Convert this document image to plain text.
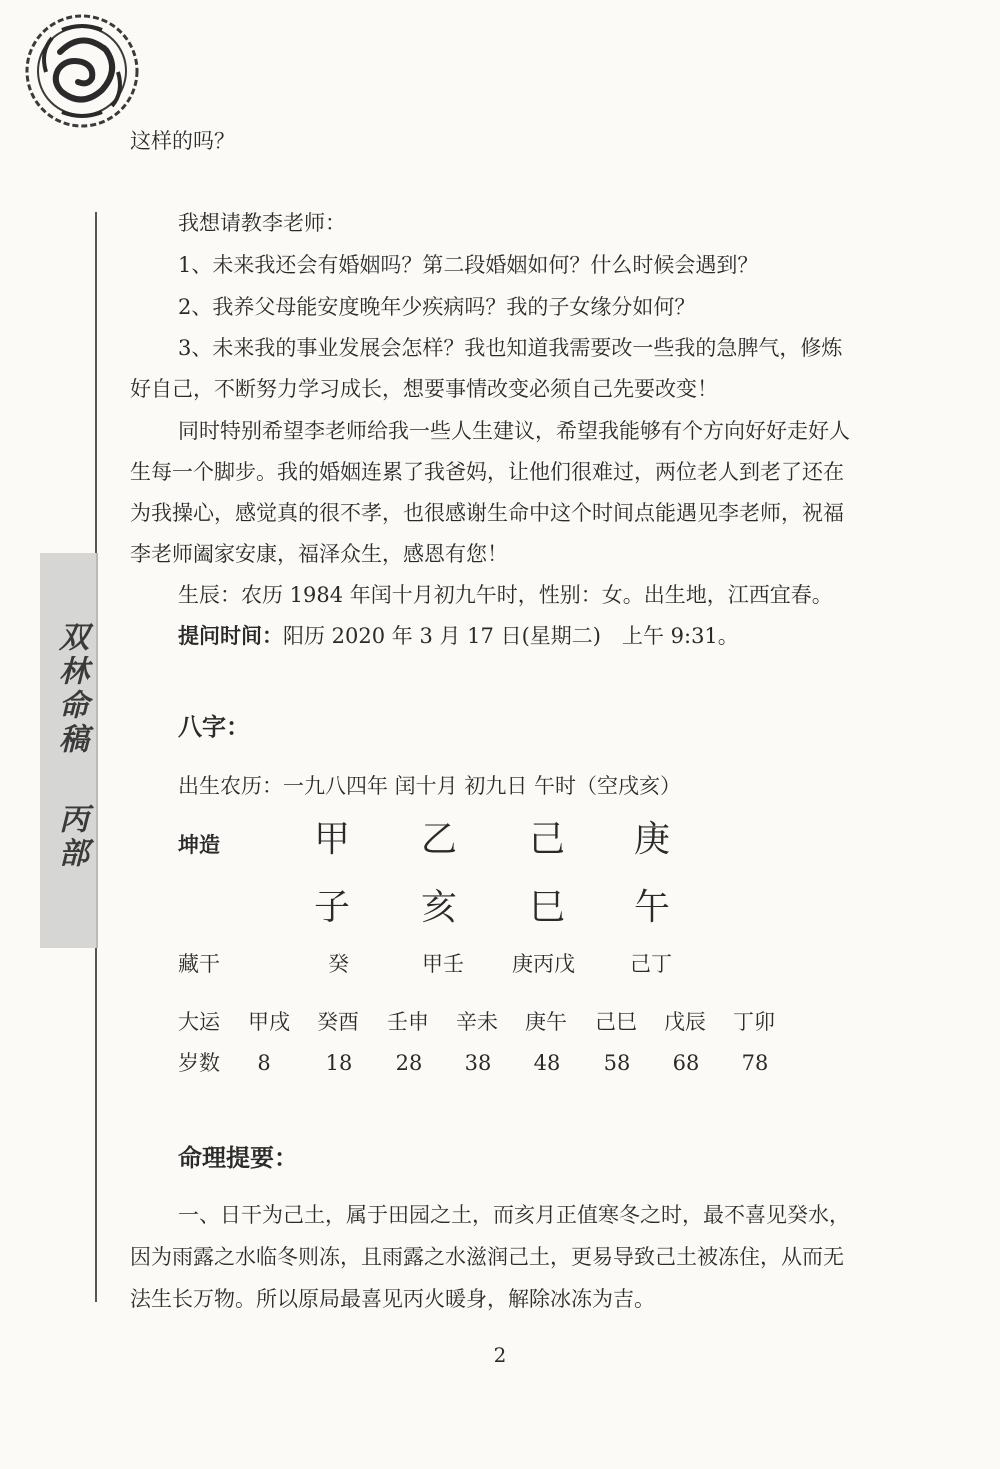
双林命稿
丙部
这样的吗？
我想请教李老师：
1、未来我还会有婚姻吗？第二段婚姻如何？什么时候会遇到？
2、我养父母能安度晚年少疾病吗？我的子女缘分如何？
3、未来我的事业发展会怎样？我也知道我需要改一些我的急脾气，修炼
好自己，不断努力学习成长，想要事情改变必须自己先要改变！
同时特别希望李老师给我一些人生建议，希望我能够有个方向好好走好人
生每一个脚步。我的婚姻连累了我爸妈，让他们很难过，两位老人到老了还在
为我操心，感觉真的很不孝，也很感谢生命中这个时间点能遇见李老师，祝福
李老师阖家安康，福泽众生，感恩有您！
生辰：农历 1984 年闰十月初九午时，性别：女。出生地，江西宜春。
提问时间：阳历 2020 年 3 月 17 日(星期二)　上午 9:31。
八字：
出生农历：一九八四年 闰十月 初九日 午时（空戌亥）
坤造	甲 乙 己 庚
子 亥 巳 午
藏干	癸	甲壬 庚丙戊	己丁
大运 甲戌 癸酉 壬申 辛未 庚午 己巳 戊辰 丁卯
岁数	8	18	28	38	48	58	68	78
命理提要：
一、日干为己土，属于田园之土，而亥月正值寒冬之时，最不喜见癸水，
因为雨露之水临冬则冻，且雨露之水滋润己土，更易导致己土被冻住，从而无
法生长万物。所以原局最喜见丙火暖身，解除冰冻为吉。
2
